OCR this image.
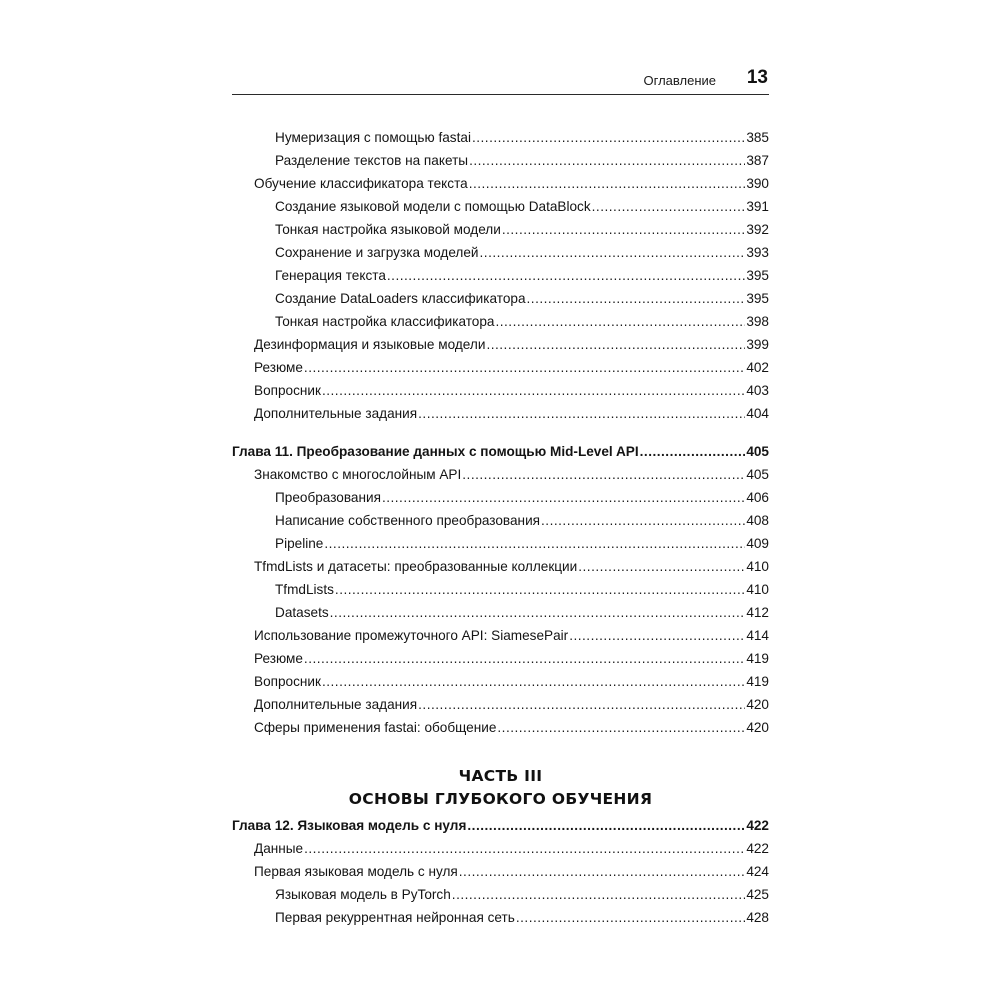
Оглавление 13
Нумеризация с помощью fastai .....	385
Разделение текстов на пакеты .....	387
Обучение классификатора текста .....	390
Создание языковой модели с помощью DataBlock .....	391
Тонкая настройка языковой модели .....	392
Сохранение и загрузка моделей .....	393
Генерация текста .....	395
Создание DataLoaders классификатора .....	395
Тонкая настройка классификатора .....	398
Дезинформация и языковые модели .....	399
Резюме .....	402
Вопросник .....	403
Дополнительные задания .....	404
Глава 11. Преобразование данных с помощью Mid-Level API .....	405
Знакомство с многослойным API .....	405
Преобразования .....	406
Написание собственного преобразования .....	408
Pipeline .....	409
TfmdLists и датасеты: преобразованные коллекции .....	410
TfmdLists .....	410
Datasets .....	412
Использование промежуточного API: SiamesePair .....	414
Резюме .....	419
Вопросник .....	419
Дополнительные задания .....	420
Сферы применения fastai: обобщение .....	420
ЧАСТЬ III
ОСНОВЫ ГЛУБОКОГО ОБУЧЕНИЯ
Глава 12. Языковая модель с нуля .....	422
Данные .....	422
Первая языковая модель с нуля .....	424
Языковая модель в PyTorch .....	425
Первая рекуррентная нейронная сеть .....	428
